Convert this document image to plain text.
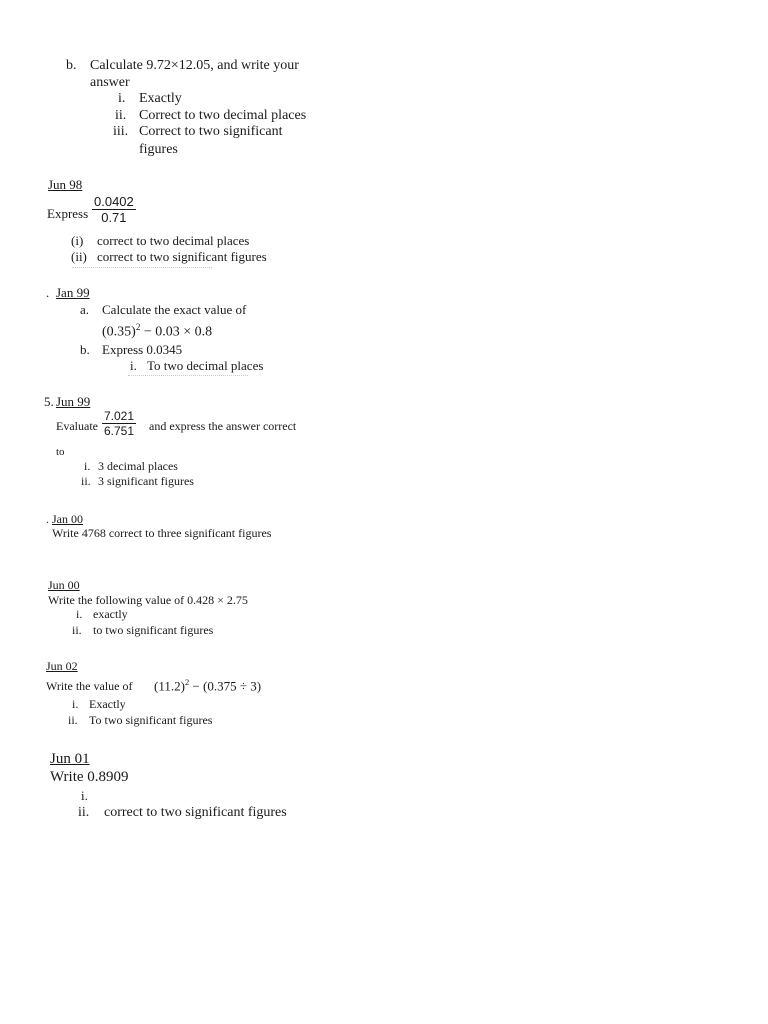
b. Calculate 9.72×12.05, and write your
answer
i. Exactly
ii. Correct to two decimal places
iii. Correct to two significant
figures
Jun 98
Express $\frac{0.0402}{0.71}$
(i) correct to two decimal places
(ii) correct to two significant figures
. Jan 99
a. Calculate the exact value of
$(0.35)^2 - 0.03 \times 0.8$
b. Express 0.0345
i. To two decimal places
5. Jun 99
Evaluate $\frac{7.021}{6.751}$ and express the answer correct
to
i. 3 decimal places
ii. 3 significant figures
. Jan 00
Write 4768 correct to three significant figures
Jun 00
Write the following value of 0.428 × 2.75
i. exactly
ii. to two significant figures
Jun 02
Write the value of $(11.2)^2 - (0.375 \div 3)$
i. Exactly
ii. To two significant figures
Jun 01
Write 0.8909
i.
ii. correct to two significant figures
